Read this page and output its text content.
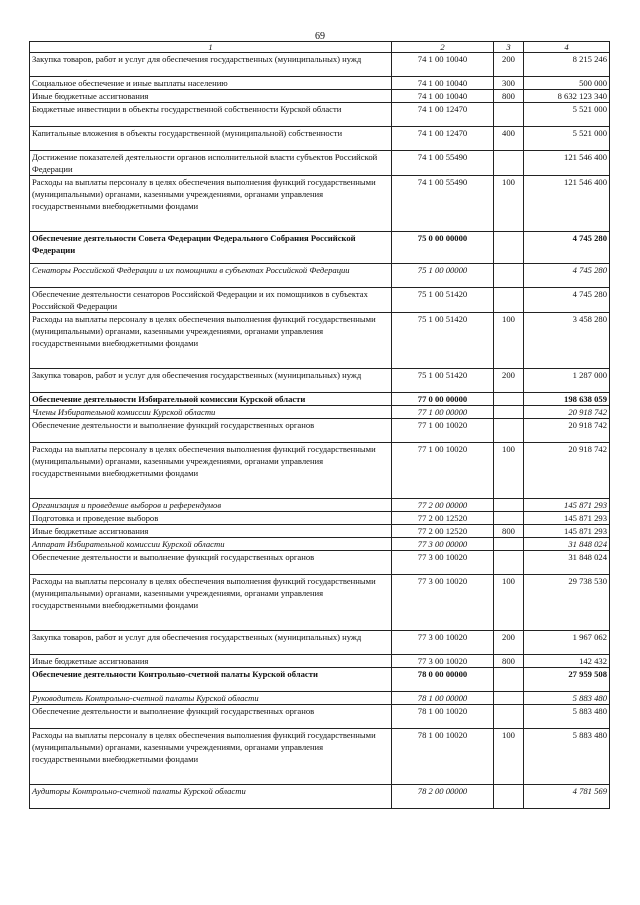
69
1	2	3	4
Закупка товаров, работ и услуг для обеспечения государственных (муниципальных) нужд	74 1 00 10040	200	8 215 246
Социальное обеспечение и иные выплаты населению	74 1 00 10040	300	500 000
Иные бюджетные ассигнования	74 1 00 10040	800	8 632 123 340
Бюджетные инвестиции в объекты государственной собственности Курской области	74 1 00 12470		5 521 000
Капитальные вложения в объекты государственной (муниципальной) собственности	74 1 00 12470	400	5 521 000
Достижение показателей деятельности органов исполнительной власти субъектов Российской Федерации	74 1 00 55490		121 546 400
Расходы на выплаты персоналу в целях обеспечения выполнения функций государственными (муниципальными) органами, казенными учреждениями, органами управления государственными внебюджетными фондами	74 1 00 55490	100	121 546 400
Обеспечение деятельности Совета Федерации Федерального Собрания Российской Федерации	75 0 00 00000		4 745 280
Сенаторы Российской Федерации и их помощники в субъектах Российской Федерации	75 1 00 00000		4 745 280
Обеспечение деятельности сенаторов Российской Федерации и их помощников в субъектах Российской Федерации	75 1 00 51420		4 745 280
Расходы на выплаты персоналу в целях обеспечения выполнения функций государственными (муниципальными) органами, казенными учреждениями, органами управления государственными внебюджетными фондами	75 1 00 51420	100	3 458 280
Закупка товаров, работ и услуг для обеспечения государственных (муниципальных) нужд	75 1 00 51420	200	1 287 000
Обеспечение деятельности Избирательной комиссии Курской области	77 0 00 00000		198 638 059
Члены Избирательной комиссии Курской области	77 1 00 00000		20 918 742
Обеспечение деятельности и выполнение функций государственных органов	77 1 00 10020		20 918 742
Расходы на выплаты персоналу в целях обеспечения выполнения функций государственными (муниципальными) органами, казенными учреждениями, органами управления государственными внебюджетными фондами	77 1 00 10020	100	20 918 742
Организация и проведение выборов и референдумов	77 2 00 00000		145 871 293
Подготовка и проведение выборов	77 2 00 12520		145 871 293
Иные бюджетные ассигнования	77 2 00 12520	800	145 871 293
Аппарат Избирательной комиссии Курской области	77 3 00 00000		31 848 024
Обеспечение деятельности и выполнение функций государственных органов	77 3 00 10020		31 848 024
Расходы на выплаты персоналу в целях обеспечения выполнения функций государственными (муниципальными) органами, казенными учреждениями, органами управления государственными внебюджетными фондами	77 3 00 10020	100	29 738 530
Закупка товаров, работ и услуг для обеспечения государственных (муниципальных) нужд	77 3 00 10020	200	1 967 062
Иные бюджетные ассигнования	77 3 00 10020	800	142 432
Обеспечение деятельности Контрольно-счетной палаты Курской области	78 0 00 00000		27 959 508
Руководитель Контрольно-счетной палаты Курской области	78 1 00 00000		5 883 480
Обеспечение деятельности и выполнение функций государственных органов	78 1 00 10020		5 883 480
Расходы на выплаты персоналу в целях обеспечения выполнения функций государственными (муниципальными) органами, казенными учреждениями, органами управления государственными внебюджетными фондами	78 1 00 10020	100	5 883 480
Аудиторы Контрольно-счетной палаты Курской области	78 2 00 00000		4 781 569
